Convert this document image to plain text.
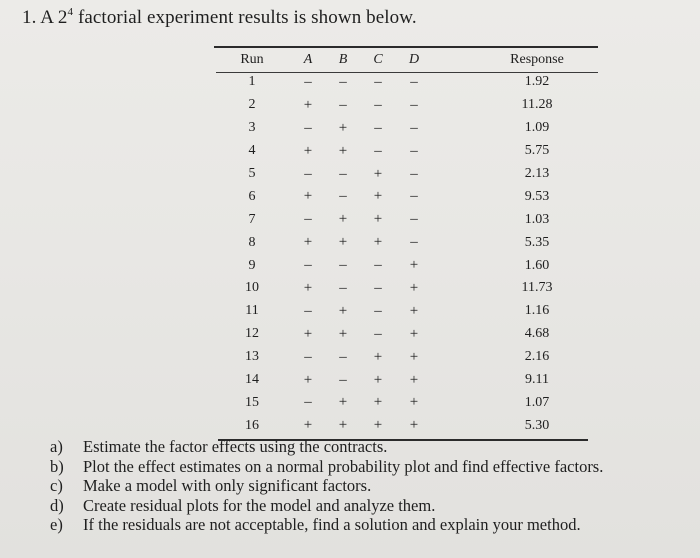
1. A $2^4$ factorial experiment results is shown below.
Run	A	B	C	D		Response
1	–	–	–	–		1.92
2	+	–	–	–		11.28
3	–	+	–	–		1.09
4	+	+	–	–		5.75
5	–	–	+	–		2.13
6	+	–	+	–		9.53
7	–	+	+	–		1.03
8	+	+	+	–		5.35
9	–	–	–	+		1.60
10	+	–	–	+		11.73
11	–	+	–	+		1.16
12	+	+	–	+		4.68
13	–	–	+	+		2.16
14	+	–	+	+		9.11
15	–	+	+	+		1.07
16	+	+	+	+		5.30
a)	Estimate the factor effects using the contracts.
b)	Plot the effect estimates on a normal probability plot and find effective factors.
c)	Make a model with only significant factors.
d)	Create residual plots for the model and analyze them.
e)	If the residuals are not acceptable, find a solution and explain your method.
